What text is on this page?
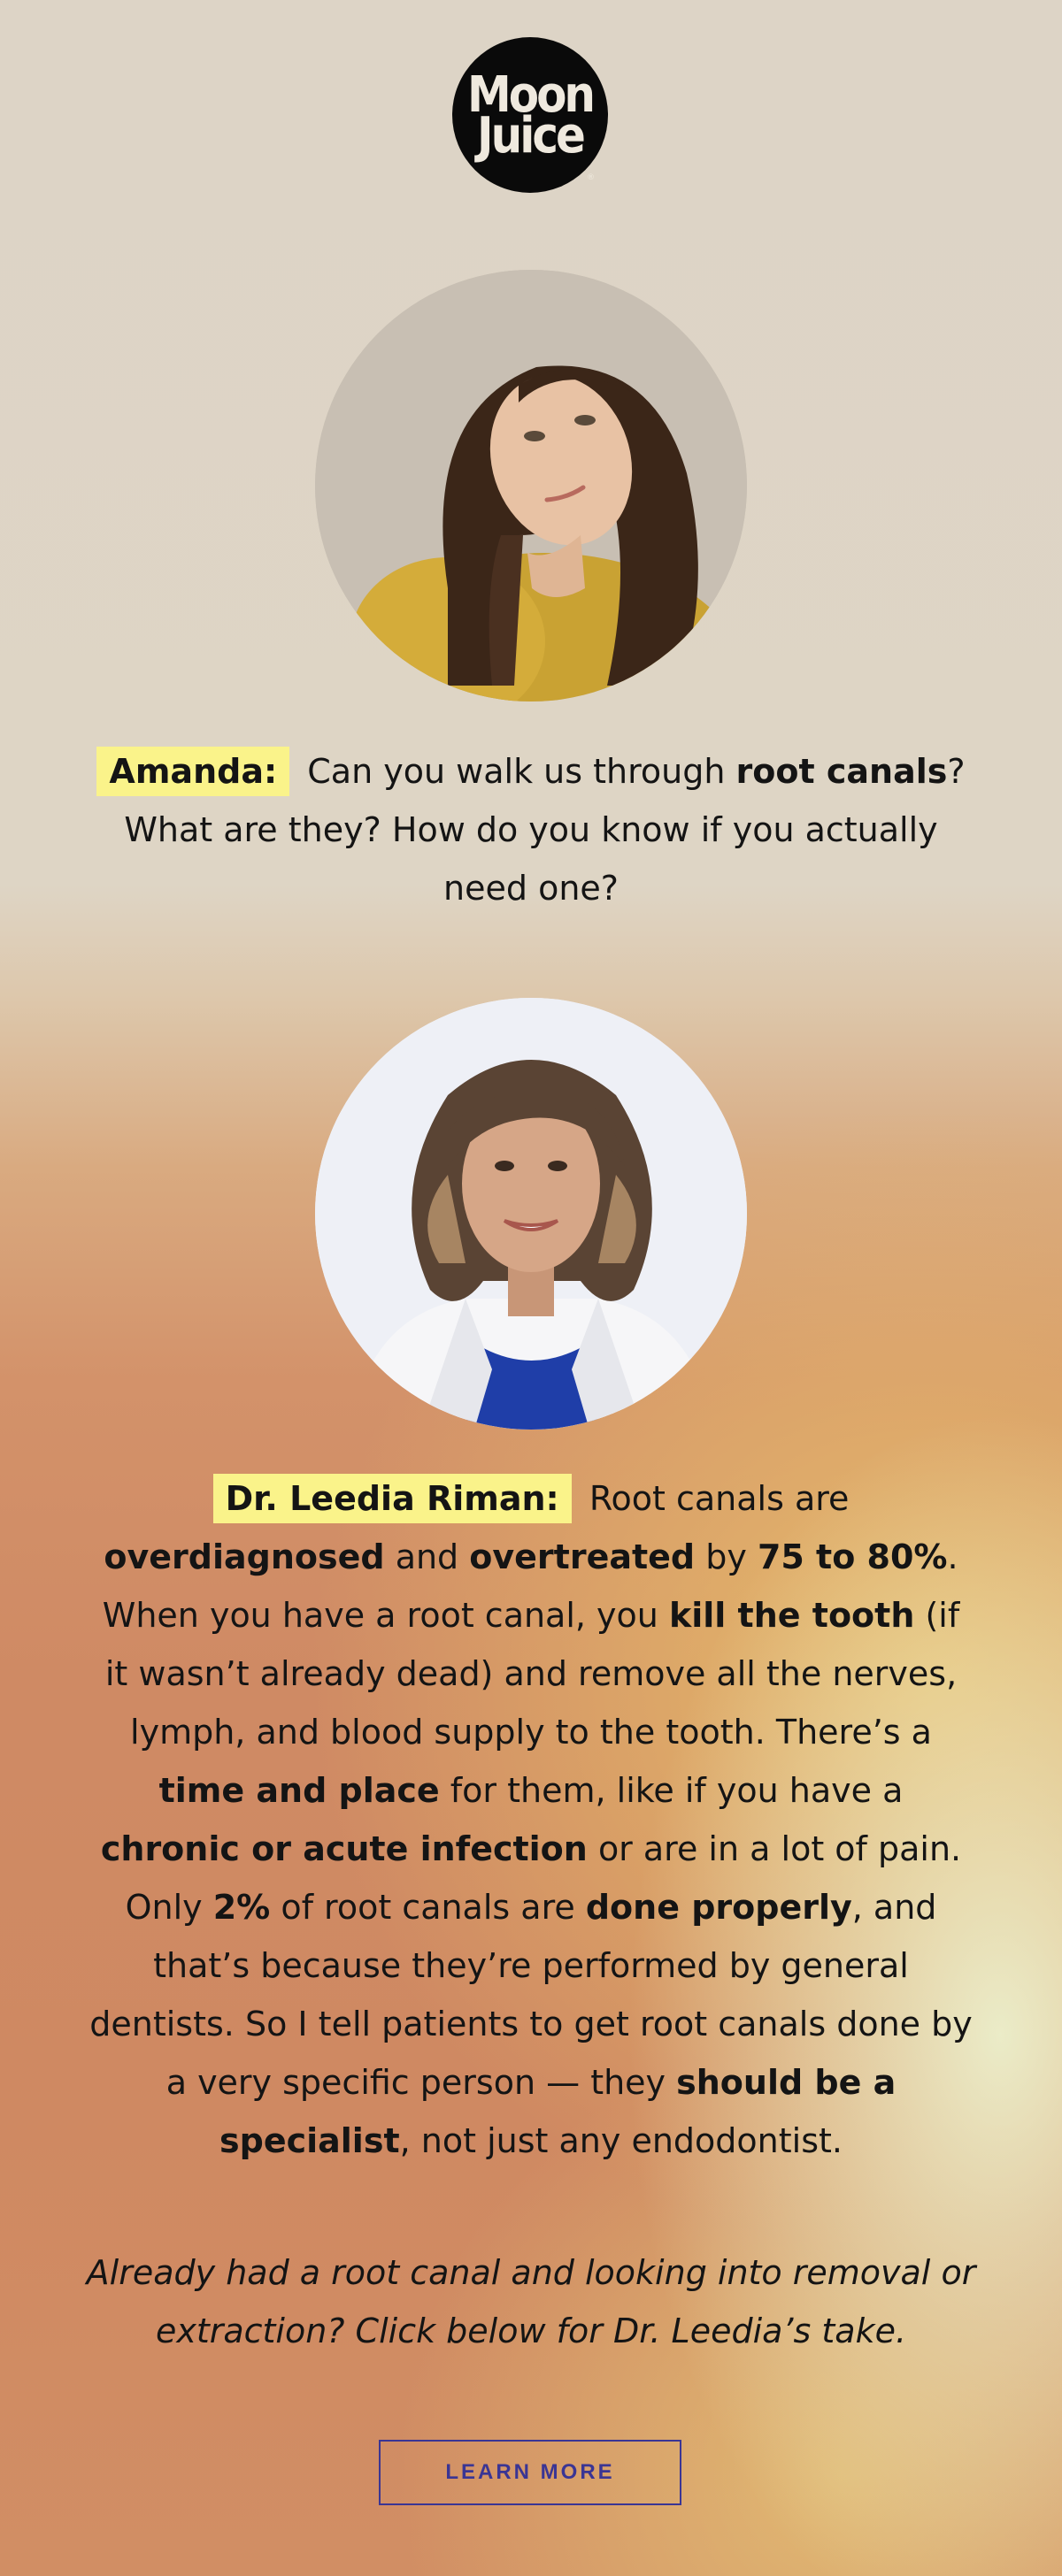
Moon
Juice
®
Amanda: Can you walk us through root canals? What are they? How do you know if you actually need one?
Dr. Leedia Riman: Root canals are overdiagnosed and overtreated by 75 to 80%. When you have a root canal, you kill the tooth (if it wasn’t already dead) and remove all the nerves, lymph, and blood supply to the tooth. There’s a time and place for them, like if you have a chronic or acute infection or are in a lot of pain. Only 2% of root canals are done properly, and that’s because they’re performed by general dentists. So I tell patients to get root canals done by a very specific person — they should be a specialist, not just any endodontist.
Already had a root canal and looking into removal or extraction? Click below for Dr. Leedia’s take.
LEARN MORE
